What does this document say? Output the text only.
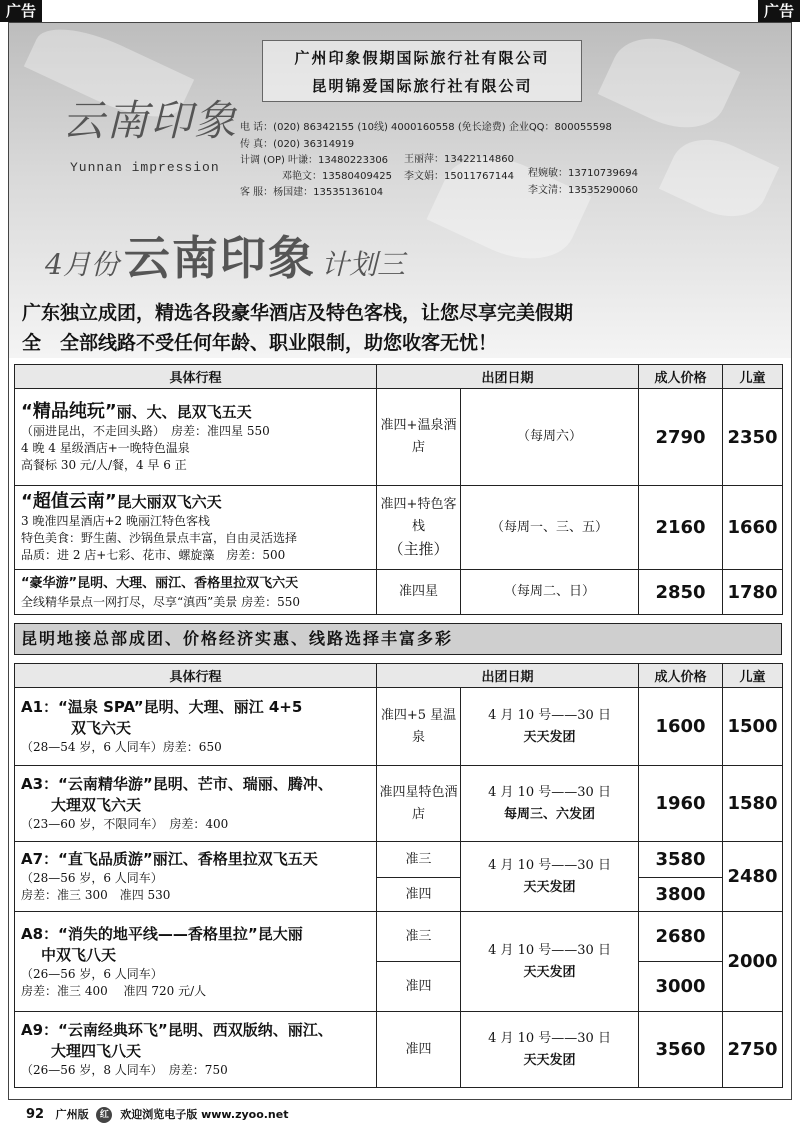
广告	广告
广州印象假期国际旅行社有限公司
昆明锦爱国际旅行社有限公司
云南印象
Yunnan impression
电 话：(020) 86342155 (10线) 4000160558 (免长途费) 企业QQ：800055598
传 真：(020) 36314919
计调 (OP) 叶谦：13480223306 王丽萍：13422114860
邓艳文：13580409425 李文娟：15011767144 程婉敏：13710739694
客 服：杨国建：13535136104	李文清：13535290060
4月份 云南印象 计划三
广东独立成团，精选各段豪华酒店及特色客栈，让您尽享完美假期
全　全部线路不受任何年龄、职业限制，助您收客无忧！
具体行程	出团日期		成人价格	儿童

“精品纯玩”丽、大、昆双飞五天
（丽进昆出，不走回头路）　房差：准四星 550
4 晚 4 星级酒店+一晚特色温泉
高餐标 30 元/人/餐，4 早 6 正	准四+温泉酒店	（每周六）	2790	2350

“超值云南”昆大丽双飞六天
3 晚准四星酒店+2 晚丽江特色客栈
特色美食：野生菌、沙锅鱼景点丰富，自由灵活选择
品质：进 2 店+七彩、花市、螺旋藻　房差：500	准四+特色客栈
（主推）	（每周一、三、五）	2160	1660

“豪华游”昆明、大理、丽江、香格里拉双飞六天
全线精华景点一网打尽，尽享“滇西”美景 房差：550	准四星	（每周二、日）	2850	1780
昆明地接总部成团、价格经济实惠、线路选择丰富多彩
具体行程	出团日期		成人价格	儿童

A1：“温泉 SPA”昆明、大理、丽江 4+5
双飞六天
（28—54 岁，6 人同车）房差：650	准四+5 星温泉	4 月 10 号——30 日
天天发团	1600	1500

A3：“云南精华游”昆明、芒市、瑞丽、腾冲、
大理双飞六天
（23—60 岁，不限同车）　房差：400	准四星特色酒店	4 月 10 号——30 日
每周三、六发团	1960	1580

A7：“直飞品质游”丽江、香格里拉双飞五天
（28—56 岁，6 人同车）
房差：准三 300　准四 530	准三	4 月 10 号——30 日
天天发团	3580	2480
	准四		3800	

A8：“消失的地平线——香格里拉”昆大丽
中双飞八天
（26—56 岁，6 人同车）
房差：准三 400　 准四 720 元/人	准三	4 月 10 号——30 日
天天发团	2680	2000
	准四		3000	

A9：“云南经典环飞”昆明、西双版纳、丽江、
大理四飞八天
（26—56 岁，8 人同车）　房差：750	准四	4 月 10 号——30 日
天天发团	3560	2750
92 广州版 红 欢迎浏览电子版 www.zyoo.net
